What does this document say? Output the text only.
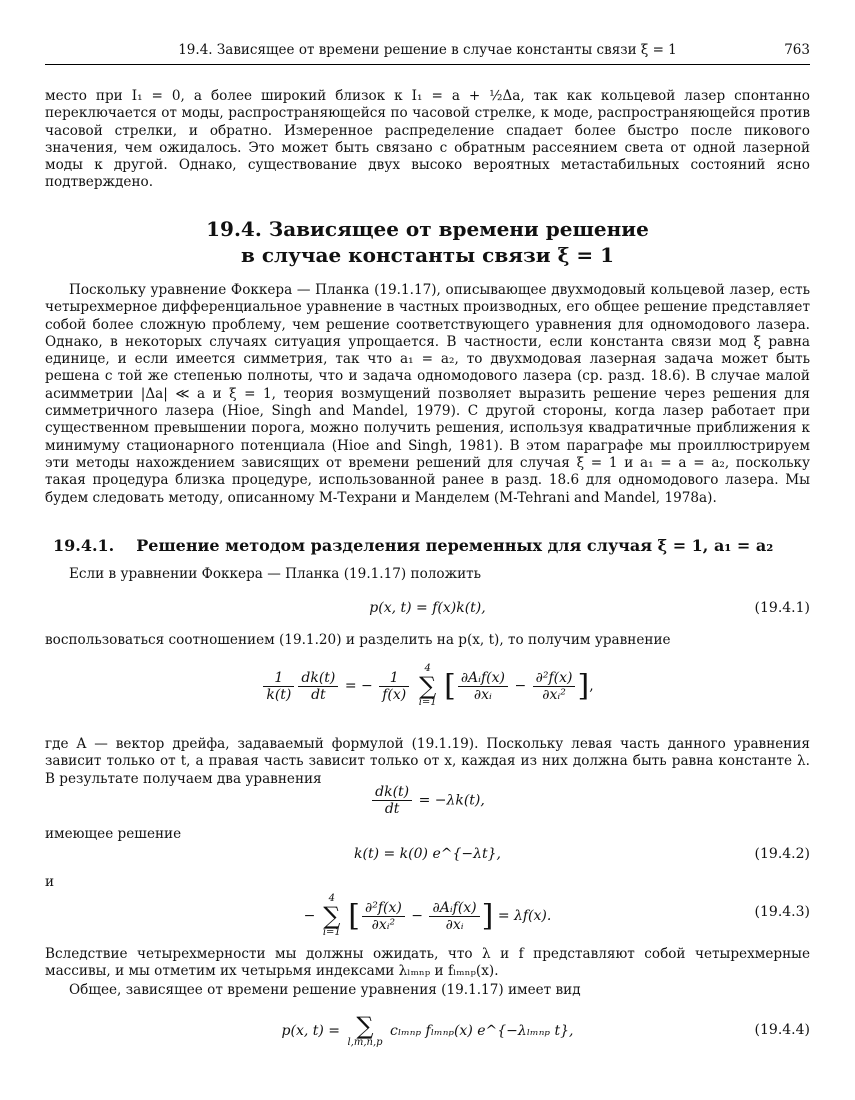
19.4. Зависящее от времени решение в случае константы связи ξ = 1	763

место при I₁ = 0, а более широкий близок к I₁ = a + ½Δa, так как кольцевой лазер спонтанно переключается от моды, распространяющейся по часовой стрелке, к моде, распространяющейся против часовой стрелки, и обратно. Измеренное распределение спадает более быстро после пикового значения, чем ожидалось. Это может быть связано с обратным рассеянием света от одной лазерной моды к другой. Однако, существование двух высоко вероятных метастабильных состояний ясно подтверждено.

19.4. Зависящее от времени решение
в случае константы связи ξ = 1

Поскольку уравнение Фоккера — Планка (19.1.17), описывающее двухмодовый кольцевой лазер, есть четырехмерное дифференциальное уравнение в частных производных, его общее решение представляет собой более сложную проблему, чем решение соответствующего уравнения для одномодового лазера. Однако, в некоторых случаях ситуация упрощается. В частности, если константа связи мод ξ равна единице, и если имеется симметрия, так что a₁ = a₂, то двухмодовая лазерная задача может быть решена с той же степенью полноты, что и задача одномодового лазера (ср. разд. 18.6). В случае малой асимметрии |Δa| ≪ a и ξ = 1, теория возмущений позволяет выразить решение через решения для симметричного лазера (Hioe, Singh and Mandel, 1979). С другой стороны, когда лазер работает при существенном превышении порога, можно получить решения, используя квадратичные приближения к минимуму стационарного потенциала (Hioe and Singh, 1981). В этом параграфе мы проиллюстрируем эти методы нахождением зависящих от времени решений для случая ξ = 1 и a₁ = a = a₂, поскольку такая процедура близка процедуре, использованной ранее в разд. 18.6 для одномодового лазера. Мы будем следовать методу, описанному M-Техрани и Манделем (M-Tehrani and Mandel, 1978a).

19.4.1. Решение методом разделения переменных для случая ξ = 1, a₁ = a₂

Если в уравнении Фоккера — Планка (19.1.17) положить

p(x, t) = f(x)k(t),	(19.4.1)

воспользоваться соотношением (19.1.20) и разделить на p(x, t), то получим уравнение

$\frac{1}{k(t)} \frac{dk(t)}{dt}$ = − $\frac{1}{f(x)}$

4
∑
i=1 [ $\frac{\text{∂Aᵢf(x)}}{\text{∂xᵢ}} - \frac{\text{∂²f(x)}}{\text{∂xᵢ²}}$ ],

где A — вектор дрейфа, задаваемый формулой (19.1.19). Поскольку левая часть данного уравнения зависит только от t, а правая часть зависит только от x, каждая из них должна быть равна константе λ. В результате получаем два уравнения

$\frac{dk(t)}{dt} = -\lambda k(t)$,

имеющее решение

k(t) = k(0) e^{−λt},	(19.4.2)

и

−
4
∑
i=1 [ $\frac{\text{∂²f(x)}}{\text{∂xᵢ²}} - \frac{\text{∂Aᵢf(x)}}{\text{∂xᵢ}}$ ] = λf(x).	(19.4.3)

Вследствие четырехмерности мы должны ожидать, что λ и f представляют собой четырехмерные массивы, и мы отметим их четырьмя индексами λₗₘₙₚ и fₗₘₙₚ(x).

Общее, зависящее от времени решение уравнения (19.1.17) имеет вид

p(x, t) = ∑
l,m,n,p
cₗₘₙₚ fₗₘₙₚ(x) e^{−λₗₘₙₚ t},	(19.4.4)
